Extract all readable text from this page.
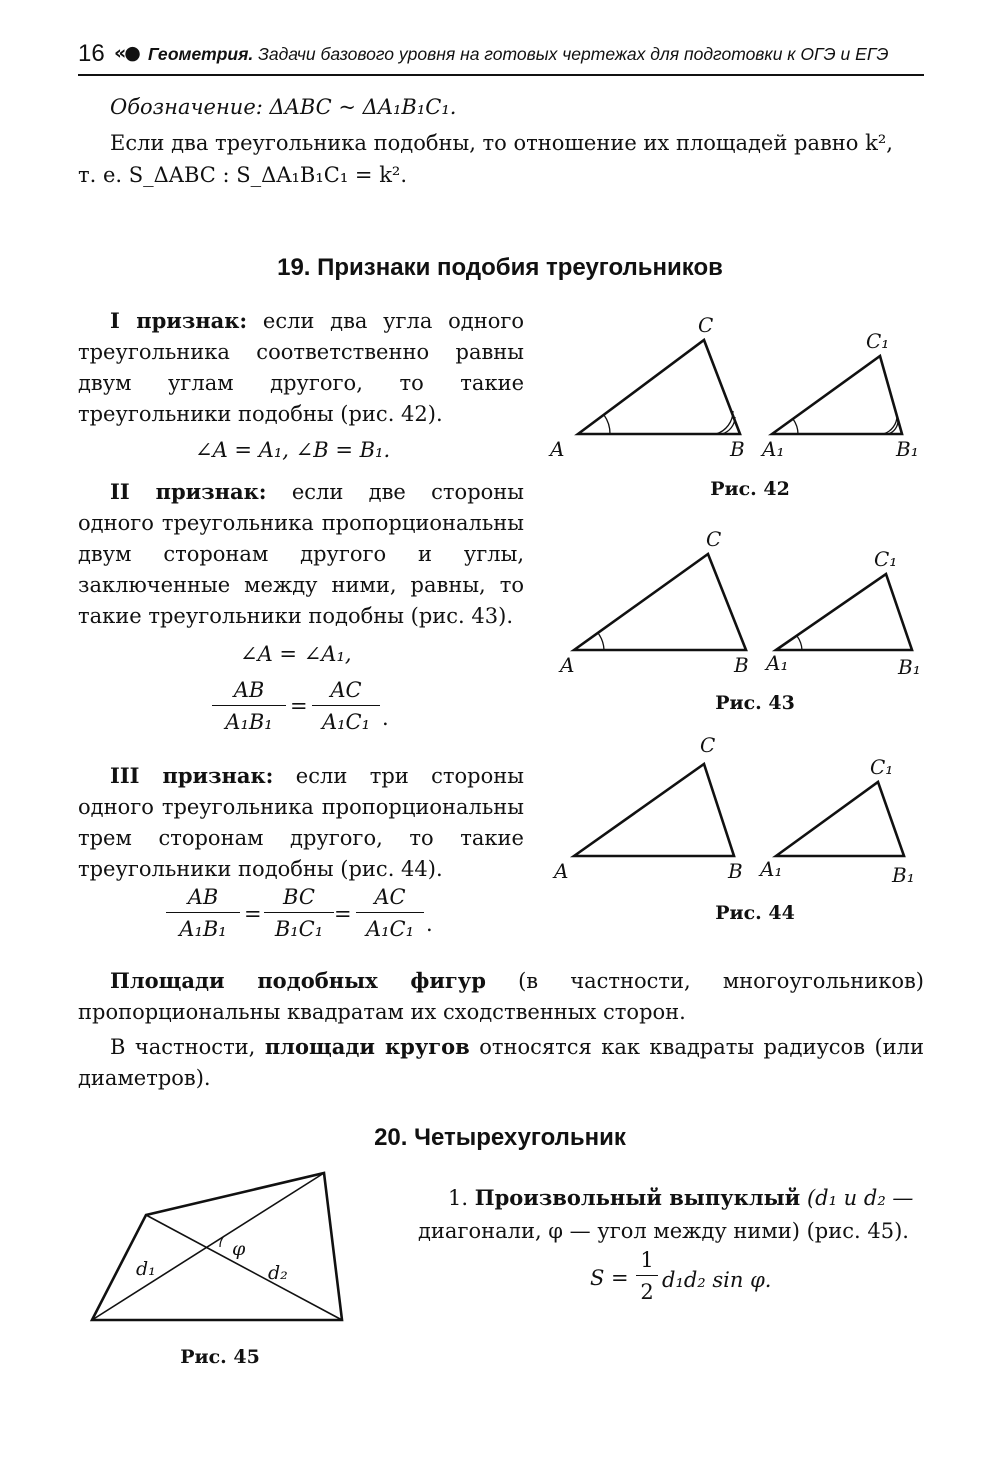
16 «● Геометрия. Задачи базового уровня на готовых чертежах для подготовки к ОГЭ и ЕГЭ
Обозначение: ΔABC ~ ΔA₁B₁C₁.
Если два треугольника подобны, то отношение их площадей равно k²,
т. е. S_ΔABC : S_ΔA₁B₁C₁ = k².
19. Признаки подобия треугольников
I признак: если два угла одного треугольника соответственно равны двум углам другого, то такие треугольники подобны (рис. 42).
∠A = A₁, ∠B = B₁.
II признак: если две стороны одного треугольника пропорциональны двум сторонам другого и углы, заключенные между ними, равны, то такие треугольники подобны (рис. 43).
∠A = ∠A₁,
$\frac{AB}{\text{A₁B₁}} = \frac{AC}{\text{A₁C₁}}$ .
III признак: если три стороны одного треугольника пропорциональны трем сторонам другого, то такие треугольники подобны (рис. 44).
$\frac{AB}{\text{A₁B₁}} = \frac{BC}{\text{B₁C₁}} = \frac{AC}{\text{A₁C₁}}$ .
A	B
C
A₁	B₁
C₁
Рис. 42
A	B
C
A₁	B₁
C₁
Рис. 43
A	B
C
A₁	B₁
C₁
Рис. 44
Площади подобных фигур (в частности, многоугольников) пропорциональны квадратам их сходственных сторон.
В частности, площади кругов относятся как квадраты радиусов (или диаметров).
20. Четырехугольник
d₁	d₂
φ
Рис. 45
1. Произвольный выпуклый (d₁ и d₂ —
диагонали, φ — угол между ними) (рис. 45).
$S = \frac{1}{2} d_1d_2$ sin φ.
